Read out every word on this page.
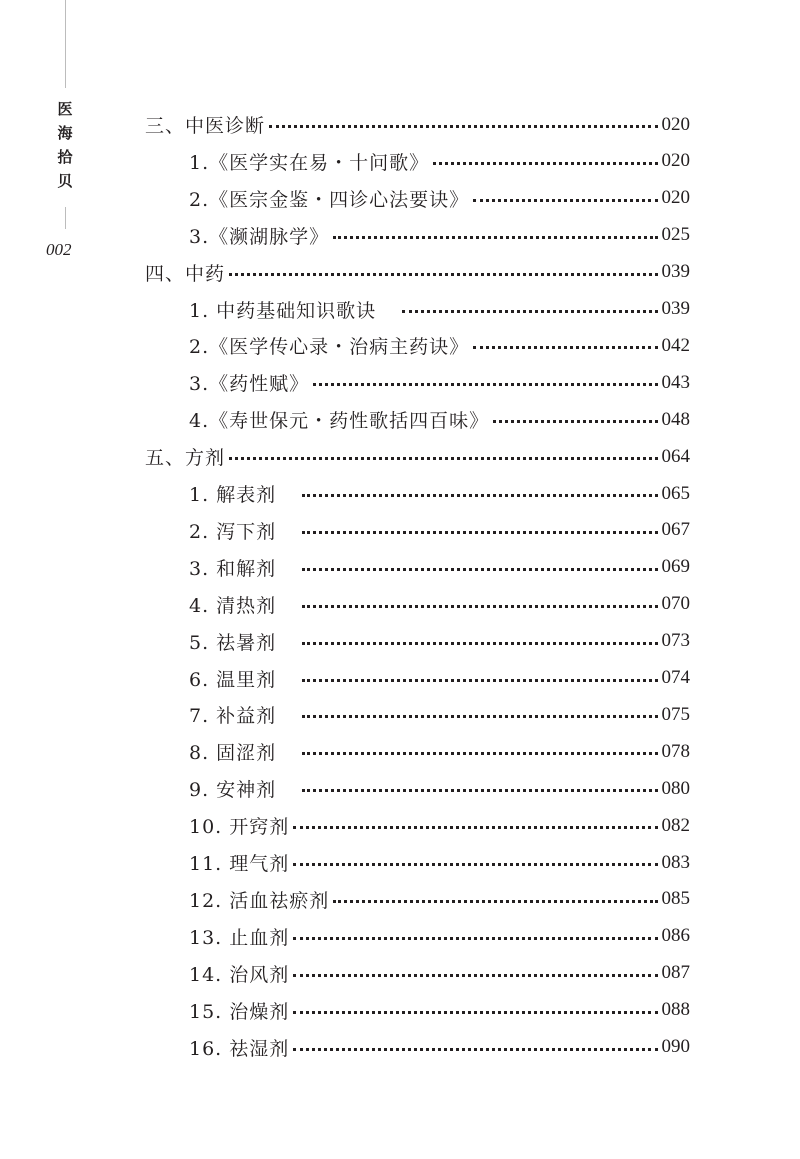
医
海
拾
贝
002
三、中医诊断	020
1.《医学实在易・十问歌》	020
2.《医宗金鉴・四诊心法要诀》	020
3.《濒湖脉学》	025
四、中药	039
1. 中药基础知识歌诀	039
2.《医学传心录・治病主药诀》	042
3.《药性赋》	043
4.《寿世保元・药性歌括四百味》	048
五、方剂	064
1. 解表剂	065
2. 泻下剂	067
3. 和解剂	069
4. 清热剂	070
5. 祛暑剂	073
6. 温里剂	074
7. 补益剂	075
8. 固涩剂	078
9. 安神剂	080
10. 开窍剂	082
11. 理气剂	083
12. 活血祛瘀剂	085
13. 止血剂	086
14. 治风剂	087
15. 治燥剂	088
16. 祛湿剂	090
